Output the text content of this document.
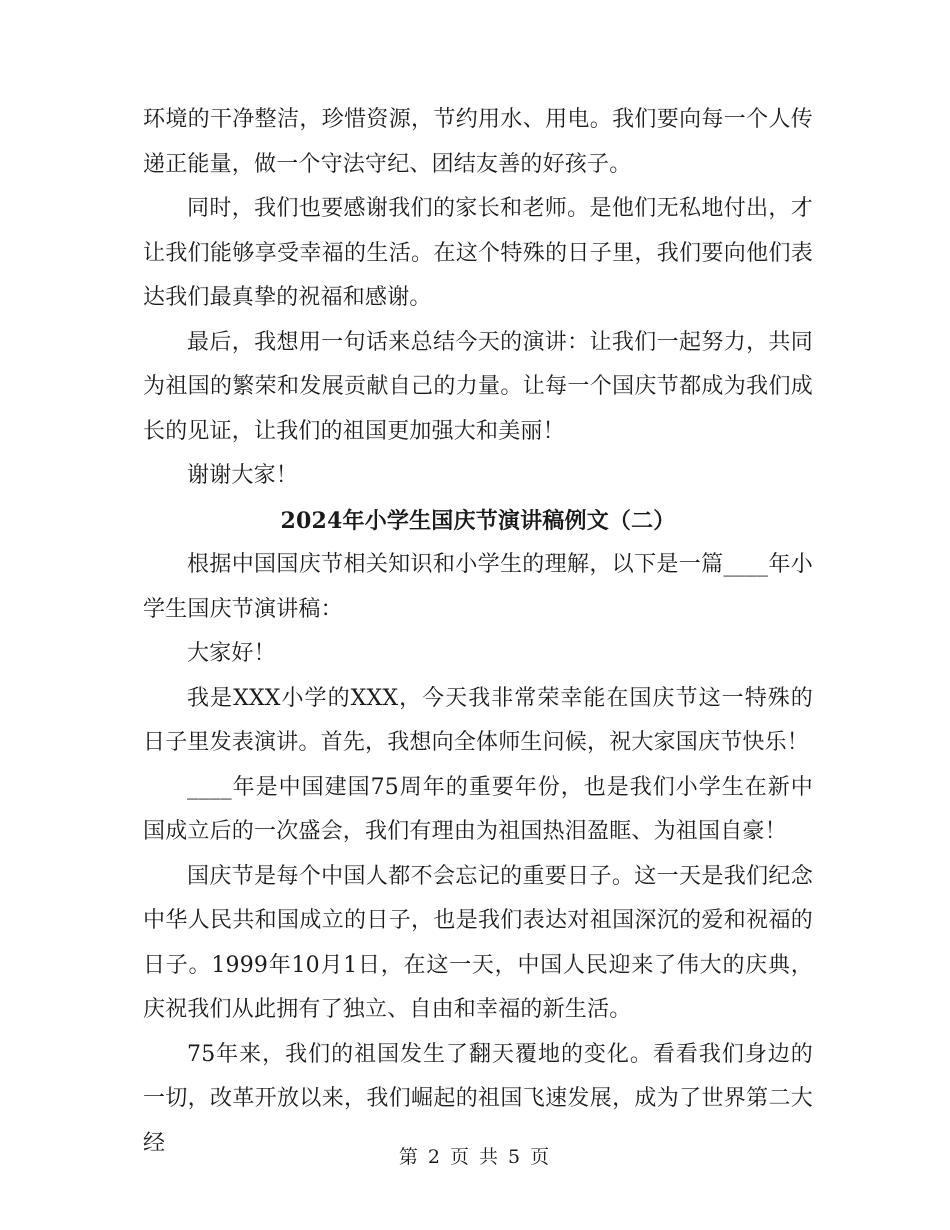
环境的干净整洁，珍惜资源，节约用水、用电。我们要向每一个人传递正能量，做一个守法守纪、团结友善的好孩子。

同时，我们也要感谢我们的家长和老师。是他们无私地付出，才让我们能够享受幸福的生活。在这个特殊的日子里，我们要向他们表达我们最真挚的祝福和感谢。

最后，我想用一句话来总结今天的演讲：让我们一起努力，共同为祖国的繁荣和发展贡献自己的力量。让每一个国庆节都成为我们成长的见证，让我们的祖国更加强大和美丽！

谢谢大家！

2024年小学生国庆节演讲稿例文（二）

根据中国国庆节相关知识和小学生的理解，以下是一篇____年小学生国庆节演讲稿：

大家好！

我是XXX小学的XXX，今天我非常荣幸能在国庆节这一特殊的日子里发表演讲。首先，我想向全体师生问候，祝大家国庆节快乐！

____年是中国建国75周年的重要年份，也是我们小学生在新中国成立后的一次盛会，我们有理由为祖国热泪盈眶、为祖国自豪！

国庆节是每个中国人都不会忘记的重要日子。这一天是我们纪念中华人民共和国成立的日子，也是我们表达对祖国深沉的爱和祝福的日子。1999年10月1日，在这一天，中国人民迎来了伟大的庆典，庆祝我们从此拥有了独立、自由和幸福的新生活。

75年来，我们的祖国发生了翻天覆地的变化。看看我们身边的一切，改革开放以来，我们崛起的祖国飞速发展，成为了世界第二大经

第 2 页 共 5 页
